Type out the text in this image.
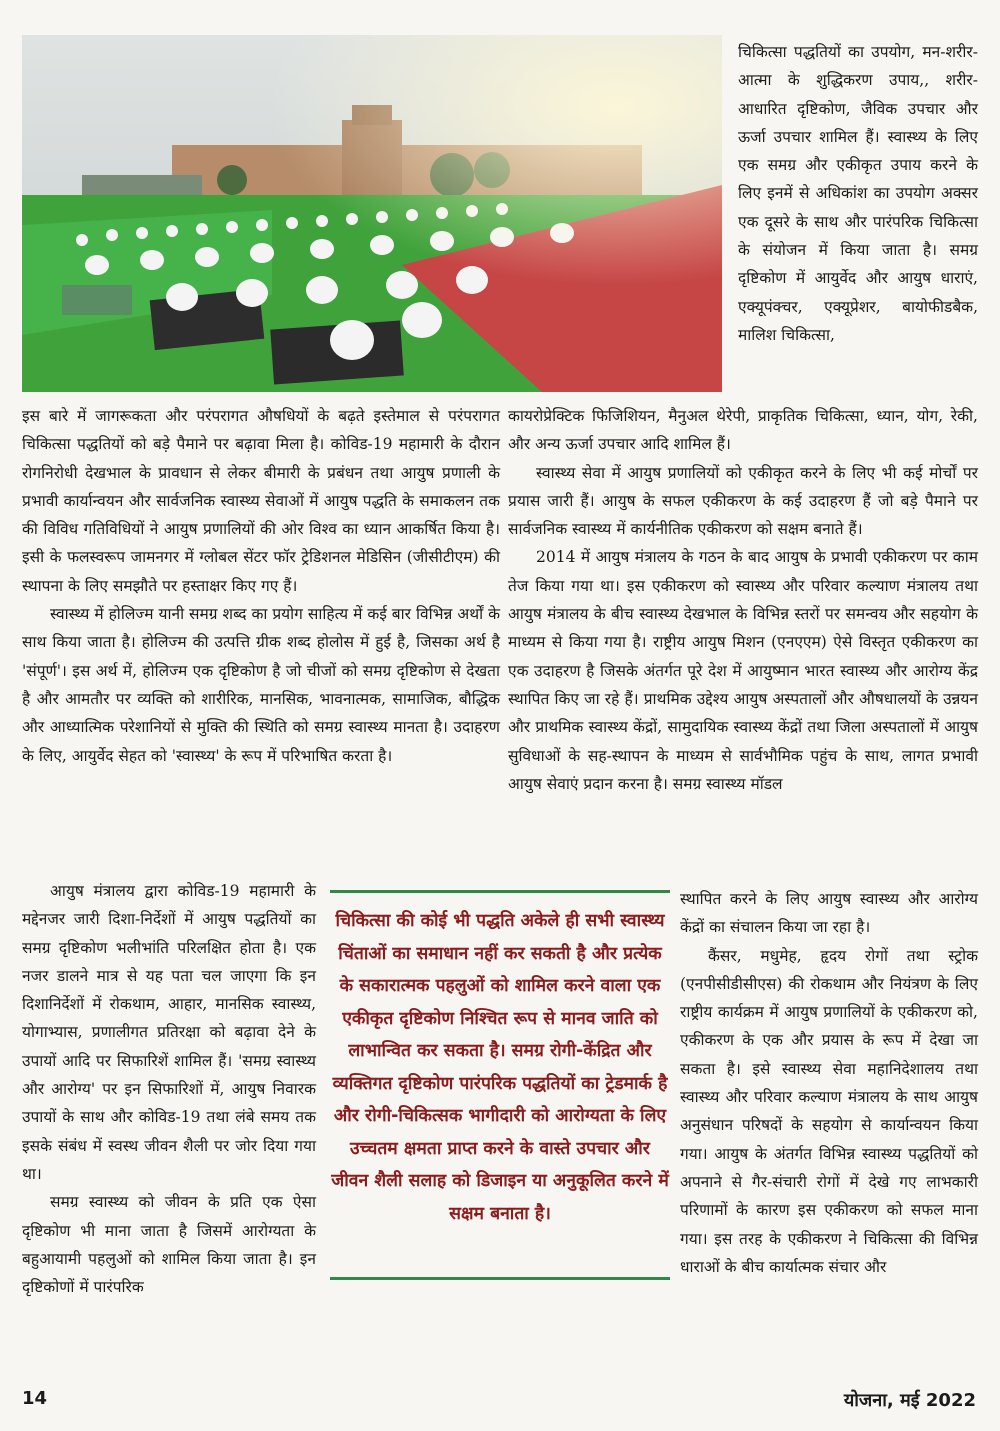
चिकित्सा पद्धतियों का उपयोग, मन-शरीर-आत्मा के शुद्धिकरण उपाय,, शरीर-आधारित दृष्टिकोण, जैविक उपचार और ऊर्जा उपचार शामिल हैं। स्वास्थ्य के लिए एक समग्र और एकीकृत उपाय करने के लिए इनमें से अधिकांश का उपयोग अक्सर एक दूसरे के साथ और पारंपरिक चिकित्सा के संयोजन में किया जाता है। समग्र दृष्टिकोण में आयुर्वेद और आयुष धाराएं, एक्यूपंक्चर, एक्यूप्रेशर, बायोफीडबैक, मालिश चिकित्सा,

इस बारे में जागरूकता और परंपरागत औषधियों के बढ़ते इस्तेमाल से परंपरागत चिकित्सा पद्धतियों को बड़े पैमाने पर बढ़ावा मिला है। कोविड-19 महामारी के दौरान रोगनिरोधी देखभाल के प्रावधान से लेकर बीमारी के प्रबंधन तथा आयुष प्रणाली के प्रभावी कार्यान्वयन और सार्वजनिक स्वास्थ्य सेवाओं में आयुष पद्धति के समाकलन तक की विविध गतिविधियों ने आयुष प्रणालियों की ओर विश्व का ध्यान आकर्षित किया है। इसी के फलस्वरूप जामनगर में ग्लोबल सेंटर फॉर ट्रेडिशनल मेडिसिन (जीसीटीएम) की स्थापना के लिए समझौते पर हस्ताक्षर किए गए हैं।

स्वास्थ्य में होलिज्म यानी समग्र शब्द का प्रयोग साहित्य में कई बार विभिन्न अर्थों के साथ किया जाता है। होलिज्म की उत्पत्ति ग्रीक शब्द होलोस में हुई है, जिसका अर्थ है 'संपूर्ण'। इस अर्थ में, होलिज्म एक दृष्टिकोण है जो चीजों को समग्र दृष्टिकोण से देखता है और आमतौर पर व्यक्ति को शारीरिक, मानसिक, भावनात्मक, सामाजिक, बौद्धिक और आध्यात्मिक परेशानियों से मुक्ति की स्थिति को समग्र स्वास्थ्य मानता है। उदाहरण के लिए, आयुर्वेद सेहत को 'स्वास्थ्य' के रूप में परिभाषित करता है।

कायरोप्रेक्टिक फिजिशियन, मैनुअल थेरेपी, प्राकृतिक चिकित्सा, ध्यान, योग, रेकी, और अन्य ऊर्जा उपचार आदि शामिल हैं।

स्वास्थ्य सेवा में आयुष प्रणालियों को एकीकृत करने के लिए भी कई मोर्चों पर प्रयास जारी हैं। आयुष के सफल एकीकरण के कई उदाहरण हैं जो बड़े पैमाने पर सार्वजनिक स्वास्थ्य में कार्यनीतिक एकीकरण को सक्षम बनाते हैं।

2014 में आयुष मंत्रालय के गठन के बाद आयुष के प्रभावी एकीकरण पर काम तेज किया गया था। इस एकीकरण को स्वास्थ्य और परिवार कल्याण मंत्रालय तथा आयुष मंत्रालय के बीच स्वास्थ्य देखभाल के विभिन्न स्तरों पर समन्वय और सहयोग के माध्यम से किया गया है। राष्ट्रीय आयुष मिशन (एनएएम) ऐसे विस्तृत एकीकरण का एक उदाहरण है जिसके अंतर्गत पूरे देश में आयुष्मान भारत स्वास्थ्य और आरोग्य केंद्र स्थापित किए जा रहे हैं। प्राथमिक उद्देश्य आयुष अस्पतालों और औषधालयों के उन्नयन और प्राथमिक स्वास्थ्य केंद्रों, सामुदायिक स्वास्थ्य केंद्रों तथा जिला अस्पतालों में आयुष सुविधाओं के सह-स्थापन के माध्यम से सार्वभौमिक पहुंच के साथ, लागत प्रभावी आयुष सेवाएं प्रदान करना है। समग्र स्वास्थ्य मॉडल

आयुष मंत्रालय द्वारा कोविड-19 महामारी के मद्देनजर जारी दिशा-निर्देशों में आयुष पद्धतियों का समग्र दृष्टिकोण भलीभांति परिलक्षित होता है। एक नजर डालने मात्र से यह पता चल जाएगा कि इन दिशानिर्देशों में रोकथाम, आहार, मानसिक स्वास्थ्य, योगाभ्यास, प्रणालीगत प्रतिरक्षा को बढ़ावा देने के उपायों आदि पर सिफारिशें शामिल हैं। 'समग्र स्वास्थ्य और आरोग्य' पर इन सिफारिशों में, आयुष निवारक उपायों के साथ और कोविड-19 तथा लंबे समय तक इसके संबंध में स्वस्थ जीवन शैली पर जोर दिया गया था।

समग्र स्वास्थ्य को जीवन के प्रति एक ऐसा दृष्टिकोण भी माना जाता है जिसमें आरोग्यता के बहुआयामी पहलुओं को शामिल किया जाता है। इन दृष्टिकोणों में पारंपरिक

चिकित्सा की कोई भी पद्धति अकेले ही सभी स्वास्थ्य चिंताओं का समाधान नहीं कर सकती है और प्रत्येक के सकारात्मक पहलुओं को शामिल करने वाला एक एकीकृत दृष्टिकोण निश्चित रूप से मानव जाति को लाभान्वित कर सकता है। समग्र रोगी-केंद्रित और व्यक्तिगत दृष्टिकोण पारंपरिक पद्धतियों का ट्रेडमार्क है और रोगी-चिकित्सक भागीदारी को आरोग्यता के लिए उच्चतम क्षमता प्राप्त करने के वास्ते उपचार और जीवन शैली सलाह को डिजाइन या अनुकूलित करने में सक्षम बनाता है।

स्थापित करने के लिए आयुष स्वास्थ्य और आरोग्य केंद्रों का संचालन किया जा रहा है।

कैंसर, मधुमेह, हृदय रोगों तथा स्ट्रोक (एनपीसीडीसीएस) की रोकथाम और नियंत्रण के लिए राष्ट्रीय कार्यक्रम में आयुष प्रणालियों के एकीकरण को, एकीकरण के एक और प्रयास के रूप में देखा जा सकता है। इसे स्वास्थ्य सेवा महानिदेशालय तथा स्वास्थ्य और परिवार कल्याण मंत्रालय के साथ आयुष अनुसंधान परिषदों के सहयोग से कार्यान्वयन किया गया। आयुष के अंतर्गत विभिन्न स्वास्थ्य पद्धतियों को अपनाने से गैर-संचारी रोगों में देखे गए लाभकारी परिणामों के कारण इस एकीकरण को सफल माना गया। इस तरह के एकीकरण ने चिकित्सा की विभिन्न धाराओं के बीच कार्यात्मक संचार और

14	योजना, मई 2022
